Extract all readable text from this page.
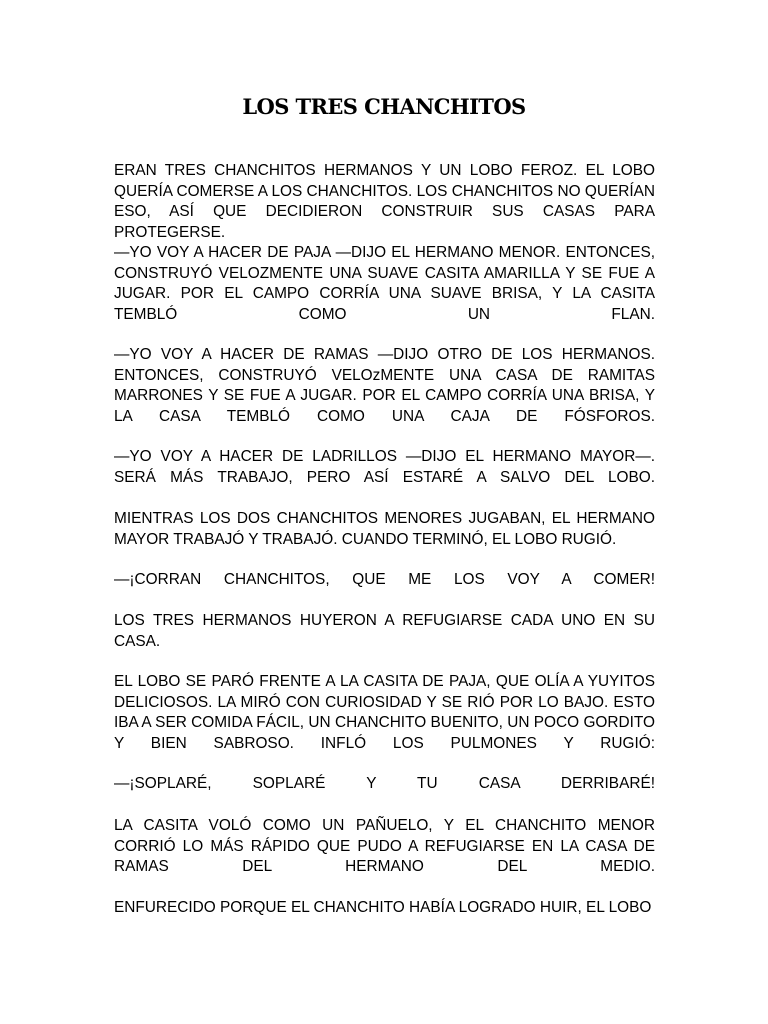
LOS TRES CHANCHITOS

ERAN TRES CHANCHITOS HERMANOS Y UN LOBO FEROZ. EL LOBO QUERÍA COMERSE A LOS CHANCHITOS. LOS CHANCHITOS NO QUERÍAN ESO, ASÍ QUE DECIDIERON CONSTRUIR SUS CASAS PARA PROTEGERSE.

—YO VOY A HACER DE PAJA —DIJO EL HERMANO MENOR. ENTONCES, CONSTRUYÓ VELOZMENTE UNA SUAVE CASITA AMARILLA Y SE FUE A JUGAR. POR EL CAMPO CORRÍA UNA SUAVE BRISA, Y LA CASITA TEMBLÓ COMO UN FLAN.

—YO VOY A HACER DE RAMAS —DIJO OTRO DE LOS HERMANOS. ENTONCES, CONSTRUYÓ VELOzMENTE UNA CASA DE RAMITAS MARRONES Y SE FUE A JUGAR. POR EL CAMPO CORRÍA UNA BRISA, Y LA CASA TEMBLÓ COMO UNA CAJA DE FÓSFOROS.

—YO VOY A HACER DE LADRILLOS —DIJO EL HERMANO MAYOR—. SERÁ MÁS TRABAJO, PERO ASÍ ESTARÉ A SALVO DEL LOBO.

MIENTRAS LOS DOS CHANCHITOS MENORES JUGABAN, EL HERMANO MAYOR TRABAJÓ Y TRABAJÓ. CUANDO TERMINÓ, EL LOBO RUGIÓ.

—¡CORRAN CHANCHITOS, QUE ME LOS VOY A COMER!

LOS TRES HERMANOS HUYERON A REFUGIARSE CADA UNO EN SU CASA.

EL LOBO SE PARÓ FRENTE A LA CASITA DE PAJA, QUE OLÍA A YUYITOS DELICIOSOS. LA MIRÓ CON CURIOSIDAD Y SE RIÓ POR LO BAJO. ESTO IBA A SER COMIDA FÁCIL, UN CHANCHITO BUENITO, UN POCO GORDITO Y BIEN SABROSO. INFLÓ LOS PULMONES Y RUGIÓ:

—¡SOPLARÉ, SOPLARÉ Y TU CASA DERRIBARÉ!

LA CASITA VOLÓ COMO UN PAÑUELO, Y EL CHANCHITO MENOR CORRIÓ LO MÁS RÁPIDO QUE PUDO A REFUGIARSE EN LA CASA DE RAMAS DEL HERMANO DEL MEDIO.

ENFURECIDO PORQUE EL CHANCHITO HABÍA LOGRADO HUIR, EL LOBO
